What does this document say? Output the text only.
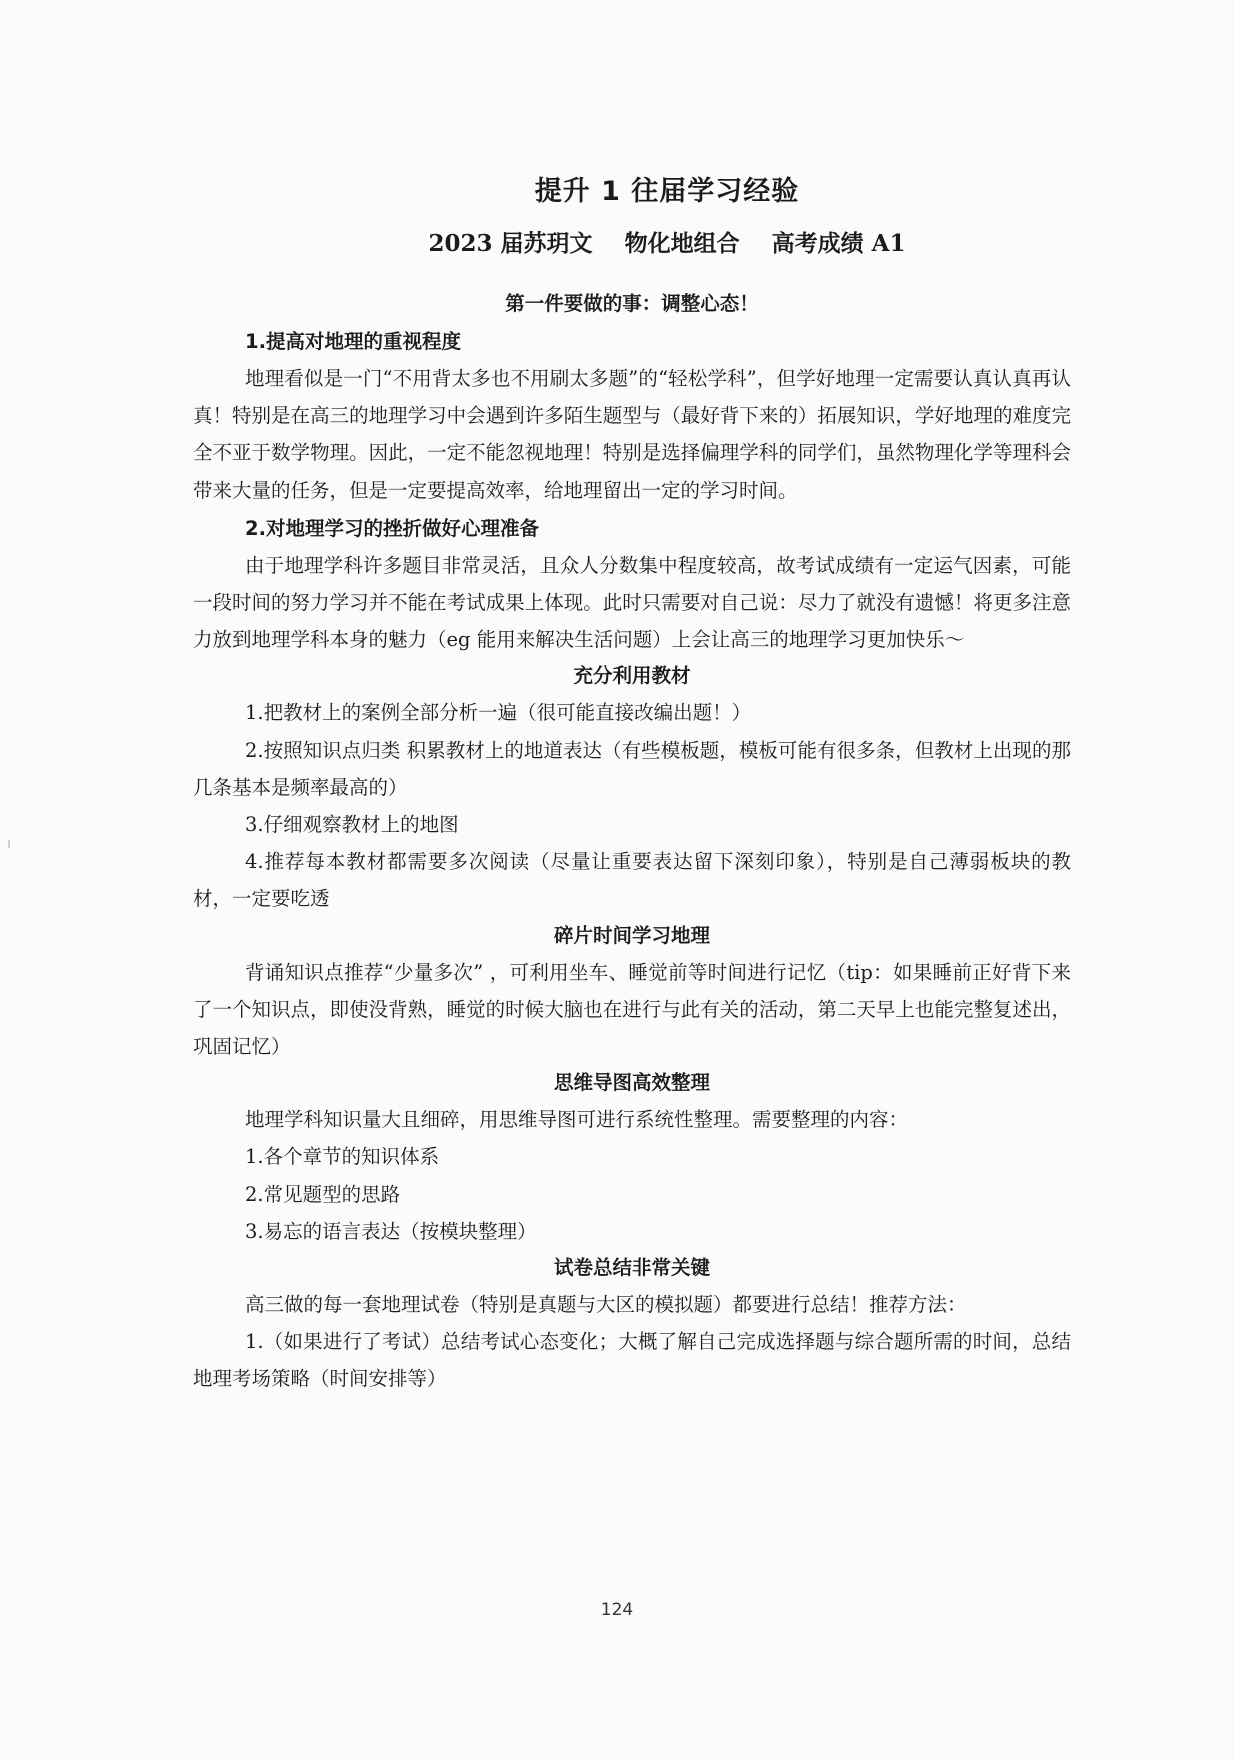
提升 1 往届学习经验
2023 届苏玥文 物化地组合 高考成绩 A1
第一件要做的事：调整心态！
1.提高对地理的重视程度

地理看似是一门“不用背太多也不用刷太多题”的“轻松学科”，但学好地理一定需要认真认真再认真！特别是在高三的地理学习中会遇到许多陌生题型与（最好背下来的）拓展知识，学好地理的难度完全不亚于数学物理。因此，一定不能忽视地理！特别是选择偏理学科的同学们，虽然物理化学等理科会带来大量的任务，但是一定要提高效率，给地理留出一定的学习时间。

2.对地理学习的挫折做好心理准备

由于地理学科许多题目非常灵活，且众人分数集中程度较高，故考试成绩有一定运气因素，可能一段时间的努力学习并不能在考试成果上体现。此时只需要对自己说：尽力了就没有遗憾！将更多注意力放到地理学科本身的魅力（eg 能用来解决生活问题）上会让高三的地理学习更加快乐～

充分利用教材

1.把教材上的案例全部分析一遍（很可能直接改编出题！）

2.按照知识点归类 积累教材上的地道表达（有些模板题，模板可能有很多条，但教材上出现的那几条基本是频率最高的）

3.仔细观察教材上的地图

4.推荐每本教材都需要多次阅读（尽量让重要表达留下深刻印象），特别是自己薄弱板块的教材，一定要吃透

碎片时间学习地理

背诵知识点推荐“少量多次” ，可利用坐车、睡觉前等时间进行记忆（tip：如果睡前正好背下来了一个知识点，即使没背熟，睡觉的时候大脑也在进行与此有关的活动，第二天早上也能完整复述出，巩固记忆）

思维导图高效整理

地理学科知识量大且细碎，用思维导图可进行系统性整理。需要整理的内容：

1.各个章节的知识体系

2.常见题型的思路

3.易忘的语言表达（按模块整理）

试卷总结非常关键

高三做的每一套地理试卷（特别是真题与大区的模拟题）都要进行总结！推荐方法：

1.（如果进行了考试）总结考试心态变化；大概了解自己完成选择题与综合题所需的时间，总结地理考场策略（时间安排等）

124
